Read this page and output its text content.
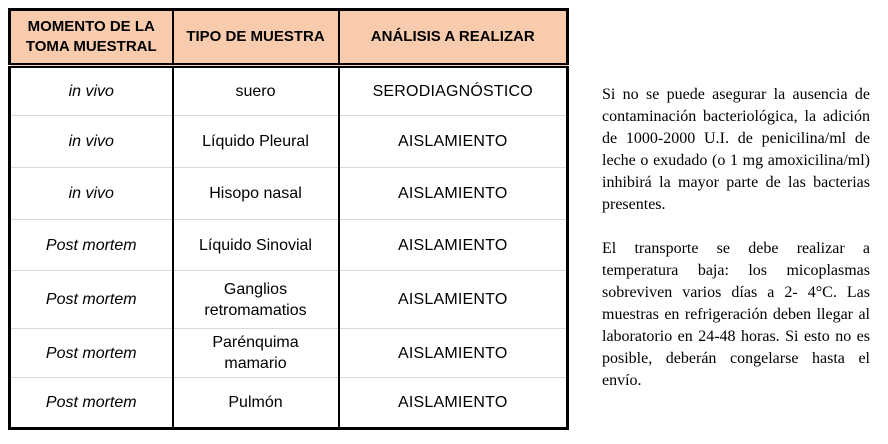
MOMENTO DE LA TOMA MUESTRAL	TIPO DE MUESTRA	ANÁLISIS A REALIZAR
in vivo	suero	SERODIAGNÓSTICO
in vivo	Líquido Pleural	AISLAMIENTO
in vivo	Hisopo nasal	AISLAMIENTO
Post mortem	Líquido Sinovial	AISLAMIENTO
Post mortem	Ganglios retromamatios	AISLAMIENTO
Post mortem	Parénquima mamario	AISLAMIENTO
Post mortem	Pulmón	AISLAMIENTO

Si no se puede asegurar la ausencia de contaminación bacteriológica, la adición de 1000-2000 U.I. de penicilina/ml de leche o exudado (o 1 mg amoxicilina/ml) inhibirá la mayor parte de las bacterias presentes.

El transporte se debe realizar a temperatura baja: los micoplasmas sobreviven varios días a 2- 4°C. Las muestras en refrigeración deben llegar al laboratorio en 24-48 horas. Si esto no es posible, deberán congelarse hasta el envío.
